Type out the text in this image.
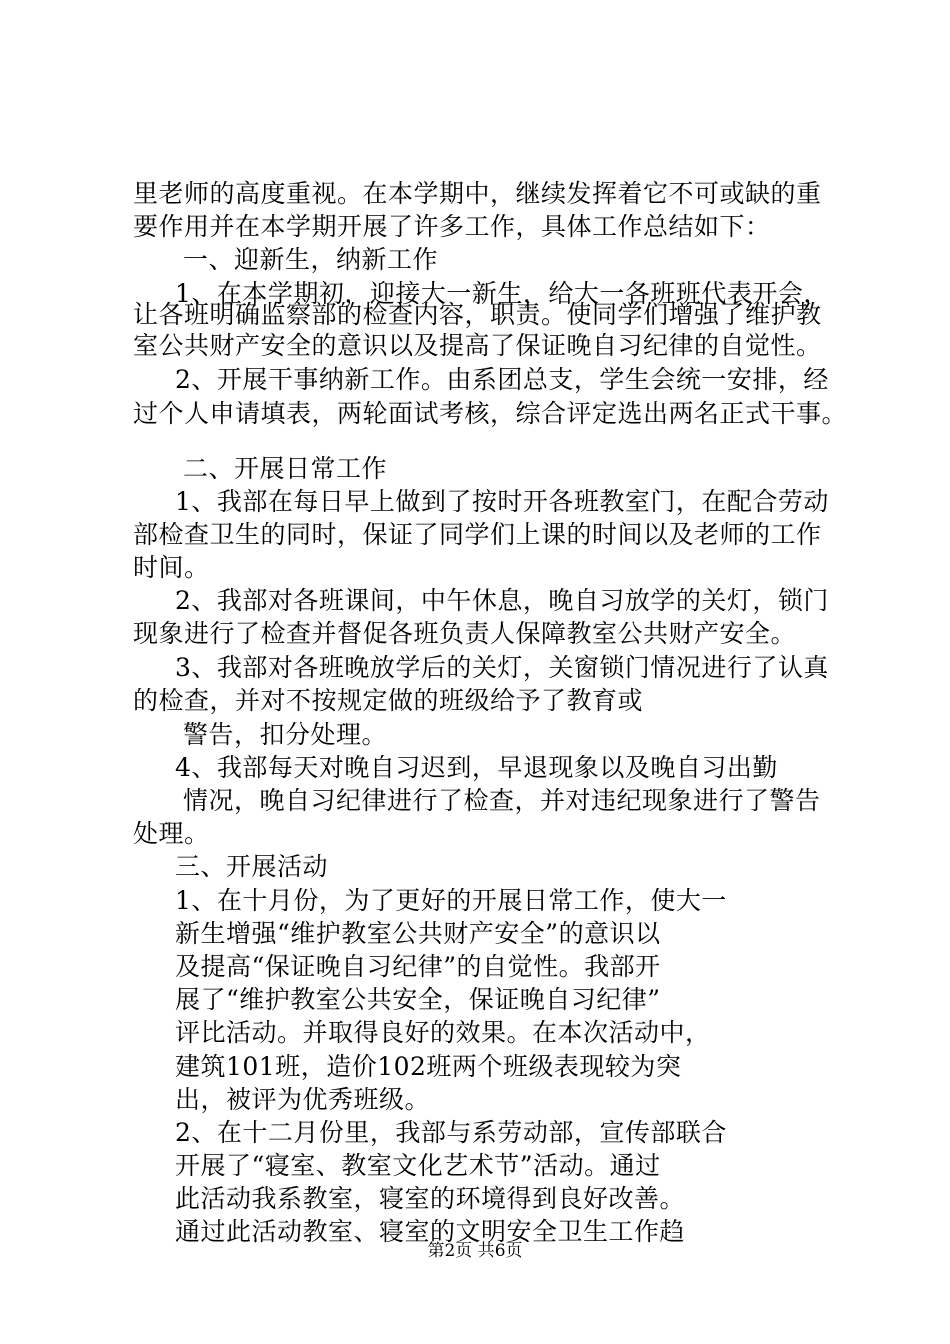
里老师的高度重视。在本学期中，继续发挥着它不可或缺的重
要作用并在本学期开展了许多工作，具体工作总结如下：
一、迎新生，纳新工作
1、在本学期初，迎接大一新生，给大一各班班代表开会，
让各班明确监察部的检查内容，职责。使同学们增强了维护教
室公共财产安全的意识以及提高了保证晚自习纪律的自觉性。
2、开展干事纳新工作。由系团总支，学生会统一安排，经
过个人申请填表，两轮面试考核，综合评定选出两名正式干事。
二、开展日常工作
1、我部在每日早上做到了按时开各班教室门，在配合劳动
部检查卫生的同时，保证了同学们上课的时间以及老师的工作
时间。
2、我部对各班课间，中午休息，晚自习放学的关灯，锁门
现象进行了检查并督促各班负责人保障教室公共财产安全。
3、我部对各班晚放学后的关灯，关窗锁门情况进行了认真
的检查，并对不按规定做的班级给予了教育或
警告，扣分处理。
4、我部每天对晚自习迟到，早退现象以及晚自习出勤
情况，晚自习纪律进行了检查，并对违纪现象进行了警告
处理。
三、开展活动
1、在十月份，为了更好的开展日常工作，使大一
新生增强“维护教室公共财产安全”的意识以
及提高“保证晚自习纪律”的自觉性。我部开
展了“维护教室公共安全，保证晚自习纪律”
评比活动。并取得良好的效果。在本次活动中，
建筑101班，造价102班两个班级表现较为突
出，被评为优秀班级。
2、在十二月份里，我部与系劳动部，宣传部联合
开展了“寝室、教室文化艺术节”活动。通过
此活动我系教室，寝室的环境得到良好改善。
通过此活动教室、寝室的文明安全卫生工作趋
第2页 共6页
